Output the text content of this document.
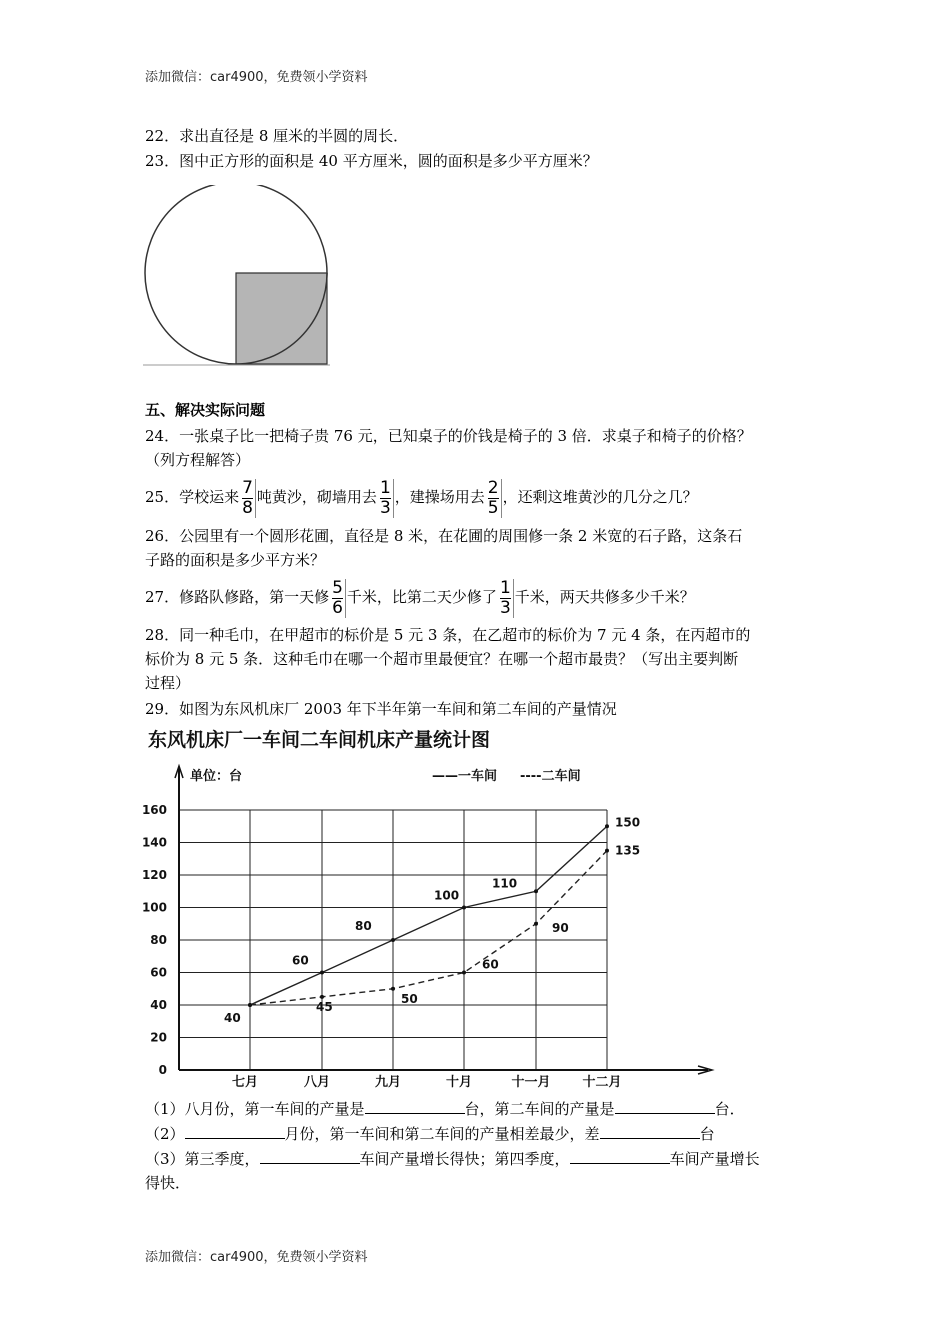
添加微信：car4900，免费领小学资料
22．求出直径是 8 厘米的半圆的周长．
23．图中正方形的面积是 40 平方厘米，圆的面积是多少平方厘米？
五、解决实际问题
24．一张桌子比一把椅子贵 76 元，已知桌子的价钱是椅子的 3 倍．求桌子和椅子的价格？
（列方程解答）
25．学校运来 $\frac{7}{8}$ 吨黄沙，砌墙用去 $\frac{1}{3}$ ，建操场用去 $\frac{2}{5}$ ，还剩这堆黄沙的几分之几？
26．公园里有一个圆形花圃，直径是 8 米，在花圃的周围修一条 2 米宽的石子路，这条石
子路的面积是多少平方米？
27．修路队修路，第一天修 $\frac{5}{6}$ 千米，比第二天少修了 $\frac{1}{3}$ 千米，两天共修多少千米？
28．同一种毛巾，在甲超市的标价是 5 元 3 条，在乙超市的标价为 7 元 4 条，在丙超市的
标价为 8 元 5 条．这种毛巾在哪一个超市里最便宜？在哪一个超市最贵？（写出主要判断
过程）
29．如图为东风机床厂 2003 年下半年第一车间和第二车间的产量情况
东风机床厂一车间二车间机床产量统计图
单位：台	——一车间 ----二车间
0
20
40
60
80
100
120
140
160
七月	八月	九月	十月	十一月 十二月
40
60
80
100
110
150
45
50
60
90
135
（1）八月份，第一车间的产量是	台，第二车间的产量是	台．
（2）	月份，第一车间和第二车间的产量相差最少，差	台
（3）第三季度，	车间产量增长得快；第四季度，	车间产量增长
得快．
添加微信：car4900，免费领小学资料
